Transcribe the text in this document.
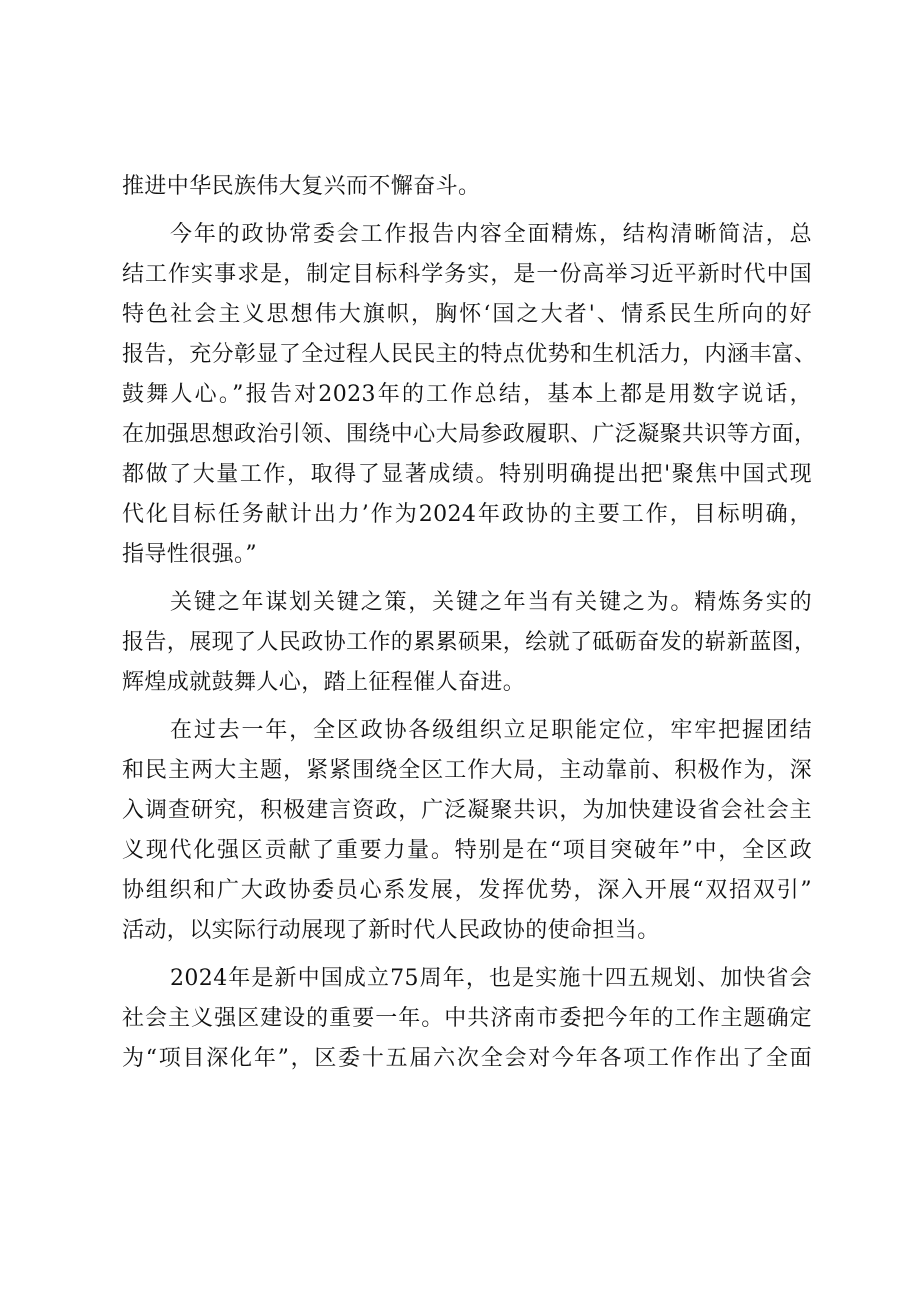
推进中华民族伟大复兴而不懈奋斗。
今年的政协常委会工作报告内容全面精炼，结构清晰简洁，总
结工作实事求是，制定目标科学务实，是一份高举习近平新时代中国
特色社会主义思想伟大旗帜，胸怀‘国之大者'、情系民生所向的好
报告，充分彰显了全过程人民民主的特点优势和生机活力，内涵丰富、
鼓舞人心。”报告对2023年的工作总结，基本上都是用数字说话，
在加强思想政治引领、围绕中心大局参政履职、广泛凝聚共识等方面，
都做了大量工作，取得了显著成绩。特别明确提出把'聚焦中国式现
代化目标任务献计出力’作为2024年政协的主要工作，目标明确，
指导性很强。”
关键之年谋划关键之策，关键之年当有关键之为。精炼务实的
报告，展现了人民政协工作的累累硕果，绘就了砥砺奋发的崭新蓝图，
辉煌成就鼓舞人心，踏上征程催人奋进。
在过去一年，全区政协各级组织立足职能定位，牢牢把握团结
和民主两大主题，紧紧围绕全区工作大局，主动靠前、积极作为，深
入调查研究，积极建言资政，广泛凝聚共识，为加快建设省会社会主
义现代化强区贡献了重要力量。特别是在“项目突破年”中，全区政
协组织和广大政协委员心系发展，发挥优势，深入开展“双招双引”
活动，以实际行动展现了新时代人民政协的使命担当。
2024年是新中国成立75周年，也是实施十四五规划、加快省会
社会主义强区建设的重要一年。中共济南市委把今年的工作主题确定
为“项目深化年”，区委十五届六次全会对今年各项工作作出了全面
